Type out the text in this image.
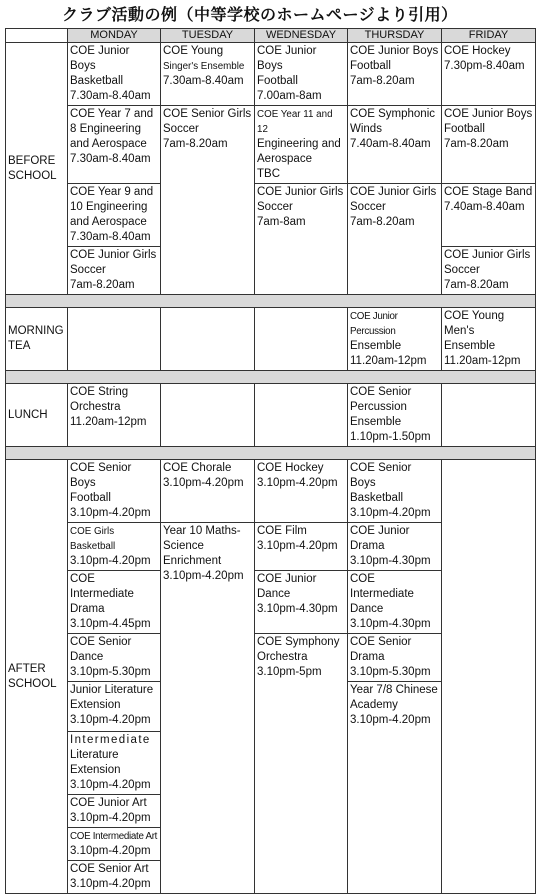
クラブ活動の例（中等学校のホームページより引用）
	MONDAY	TUESDAY	WEDNESDAY	THURSDAY	FRIDAY
BEFORE
SCHOOL	COE Junior Boys
Basketball
7.30am-8.40am	COE Young
Singer's Ensemble
7.30am-8.40am	COE Junior Boys
Football
7.00am-8am	COE Junior Boys
Football
7am-8.20am	COE Hockey
7.30pm-8.40am
	COE Year 7 and
8 Engineering
and Aerospace
7.30am-8.40am	COE Senior Girls
Soccer
7am-8.20am	COE Year 11 and 12
Engineering and
Aerospace
TBC	COE Symphonic
Winds
7.40am-8.40am	COE Junior Boys
Football
7am-8.20am
	COE Year 9 and
10 Engineering
and Aerospace
7.30am-8.40am		COE Junior Girls
Soccer
7am-8am	COE Junior Girls
Soccer
7am-8.20am	COE Stage Band
7.40am-8.40am
	COE Junior Girls
Soccer
7am-8.20am				COE Junior Girls
Soccer
7am-8.20am

MORNING
TEA				COE Junior Percussion
Ensemble
11.20am-12pm	COE Young Men's
Ensemble
11.20am-12pm

LUNCH	COE String
Orchestra
11.20am-12pm			COE Senior
Percussion
Ensemble
1.10pm-1.50pm	

AFTER
SCHOOL	COE Senior Boys
Football
3.10pm-4.20pm	COE Chorale
3.10pm-4.20pm	COE Hockey
3.10pm-4.20pm	COE Senior Boys
Basketball
3.10pm-4.20pm	
	COE Girls Basketball
3.10pm-4.20pm	Year 10 Maths-
Science
Enrichment
3.10pm-4.20pm	COE Film
3.10pm-4.20pm	COE Junior Drama
3.10pm-4.30pm	
	COE Intermediate
Drama
3.10pm-4.45pm		COE Junior
Dance
3.10pm-4.30pm	COE Intermediate
Dance
3.10pm-4.30pm	
	COE Senior Dance
3.10pm-5.30pm		COE Symphony
Orchestra
3.10pm-5pm	COE Senior
Drama
3.10pm-5.30pm	
	Junior Literature
Extension
3.10pm-4.20pm			Year 7/8 Chinese
Academy
3.10pm-4.20pm	
	Intermediate
Literature
Extension
3.10pm-4.20pm				
	COE Junior Art
3.10pm-4.20pm				
	COE Intermediate Art
3.10pm-4.20pm				
	COE Senior Art
3.10pm-4.20pm				
